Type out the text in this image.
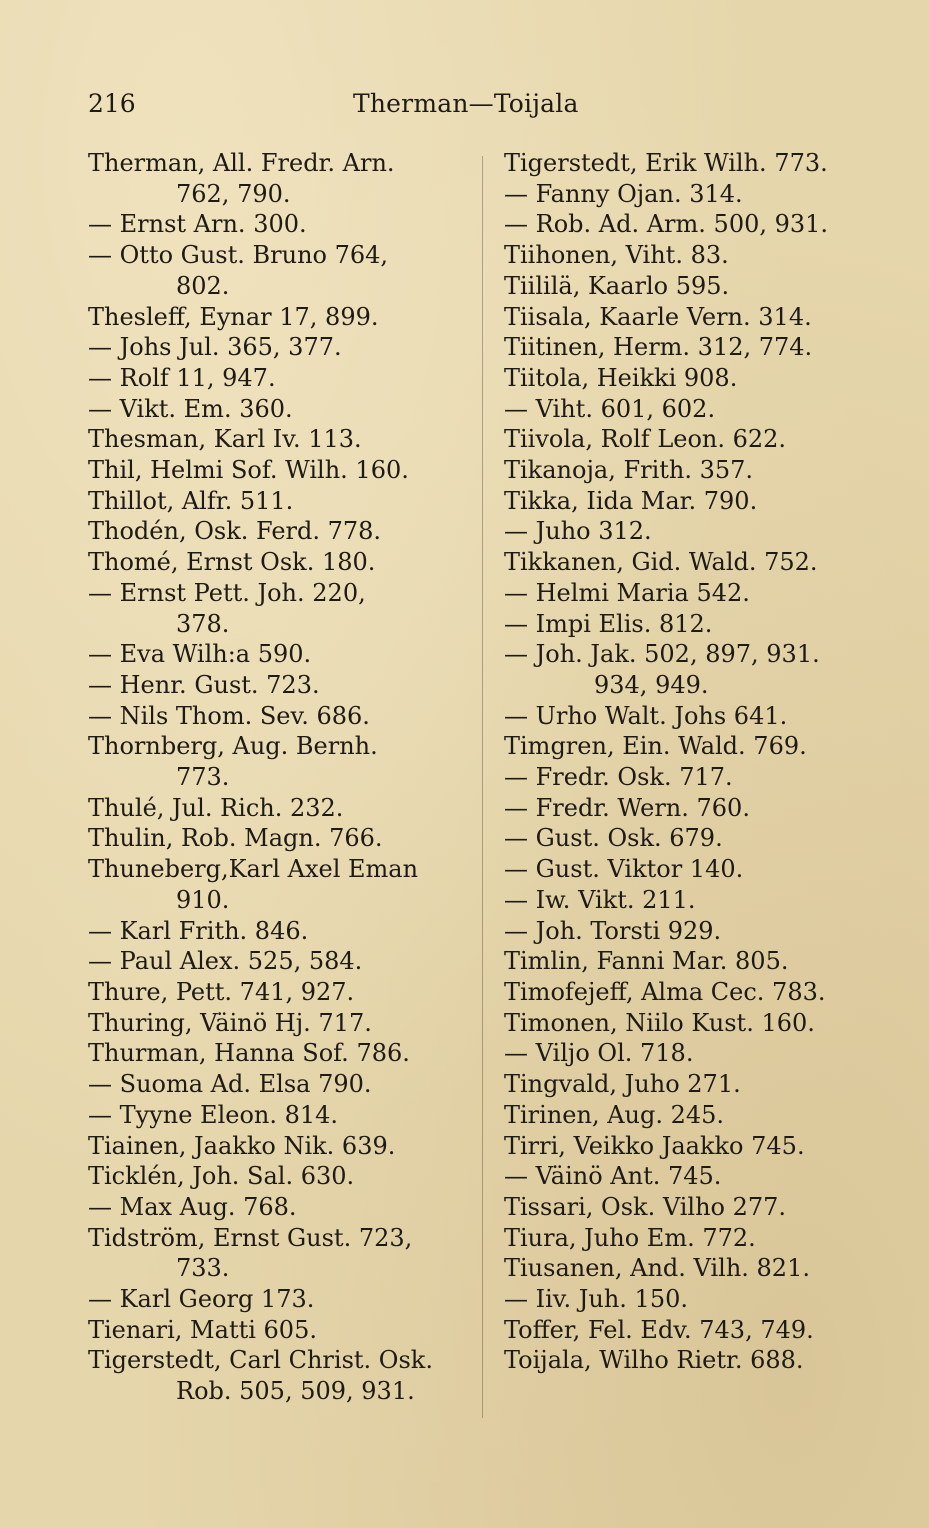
216	Therman—Toijala
Therman, All. Fredr. Arn.
762, 790.
— Ernst Arn. 300.
— Otto Gust. Bruno 764,
802.
Thesleff, Eynar 17, 899.
— Johs Jul. 365, 377.
— Rolf 11, 947.
— Vikt. Em. 360.
Thesman, Karl Iv. 113.
Thil, Helmi Sof. Wilh. 160.
Thillot, Alfr. 511.
Thodén, Osk. Ferd. 778.
Thomé, Ernst Osk. 180.
— Ernst Pett. Joh. 220,
378.
— Eva Wilh:a 590.
— Henr. Gust. 723.
— Nils Thom. Sev. 686.
Thornberg, Aug. Bernh.
773.
Thulé, Jul. Rich. 232.
Thulin, Rob. Magn. 766.
Thuneberg,Karl Axel Eman
910.
— Karl Frith. 846.
— Paul Alex. 525, 584.
Thure, Pett. 741, 927.
Thuring, Väinö Hj. 717.
Thurman, Hanna Sof. 786.
— Suoma Ad. Elsa 790.
— Tyyne Eleon. 814.
Tiainen, Jaakko Nik. 639.
Ticklén, Joh. Sal. 630.
— Max Aug. 768.
Tidström, Ernst Gust. 723,
733.
— Karl Georg 173.
Tienari, Matti 605.
Tigerstedt, Carl Christ. Osk.
Rob. 505, 509, 931.
Tigerstedt, Erik Wilh. 773.
— Fanny Ojan. 314.
— Rob. Ad. Arm. 500, 931.
Tiihonen, Viht. 83.
Tiililä, Kaarlo 595.
Tiisala, Kaarle Vern. 314.
Tiitinen, Herm. 312, 774.
Tiitola, Heikki 908.
— Viht. 601, 602.
Tiivola, Rolf Leon. 622.
Tikanoja, Frith. 357.
Tikka, Iida Mar. 790.
— Juho 312.
Tikkanen, Gid. Wald. 752.
— Helmi Maria 542.
— Impi Elis. 812.
— Joh. Jak. 502, 897, 931.
934, 949.
— Urho Walt. Johs 641.
Timgren, Ein. Wald. 769.
— Fredr. Osk. 717.
— Fredr. Wern. 760.
— Gust. Osk. 679.
— Gust. Viktor 140.
— Iw. Vikt. 211.
— Joh. Torsti 929.
Timlin, Fanni Mar. 805.
Timofejeff, Alma Cec. 783.
Timonen, Niilo Kust. 160.
— Viljo Ol. 718.
Tingvald, Juho 271.
Tirinen, Aug. 245.
Tirri, Veikko Jaakko 745.
— Väinö Ant. 745.
Tissari, Osk. Vilho 277.
Tiura, Juho Em. 772.
Tiusanen, And. Vilh. 821.
— Iiv. Juh. 150.
Toffer, Fel. Edv. 743, 749.
Toijala, Wilho Rietr. 688.
